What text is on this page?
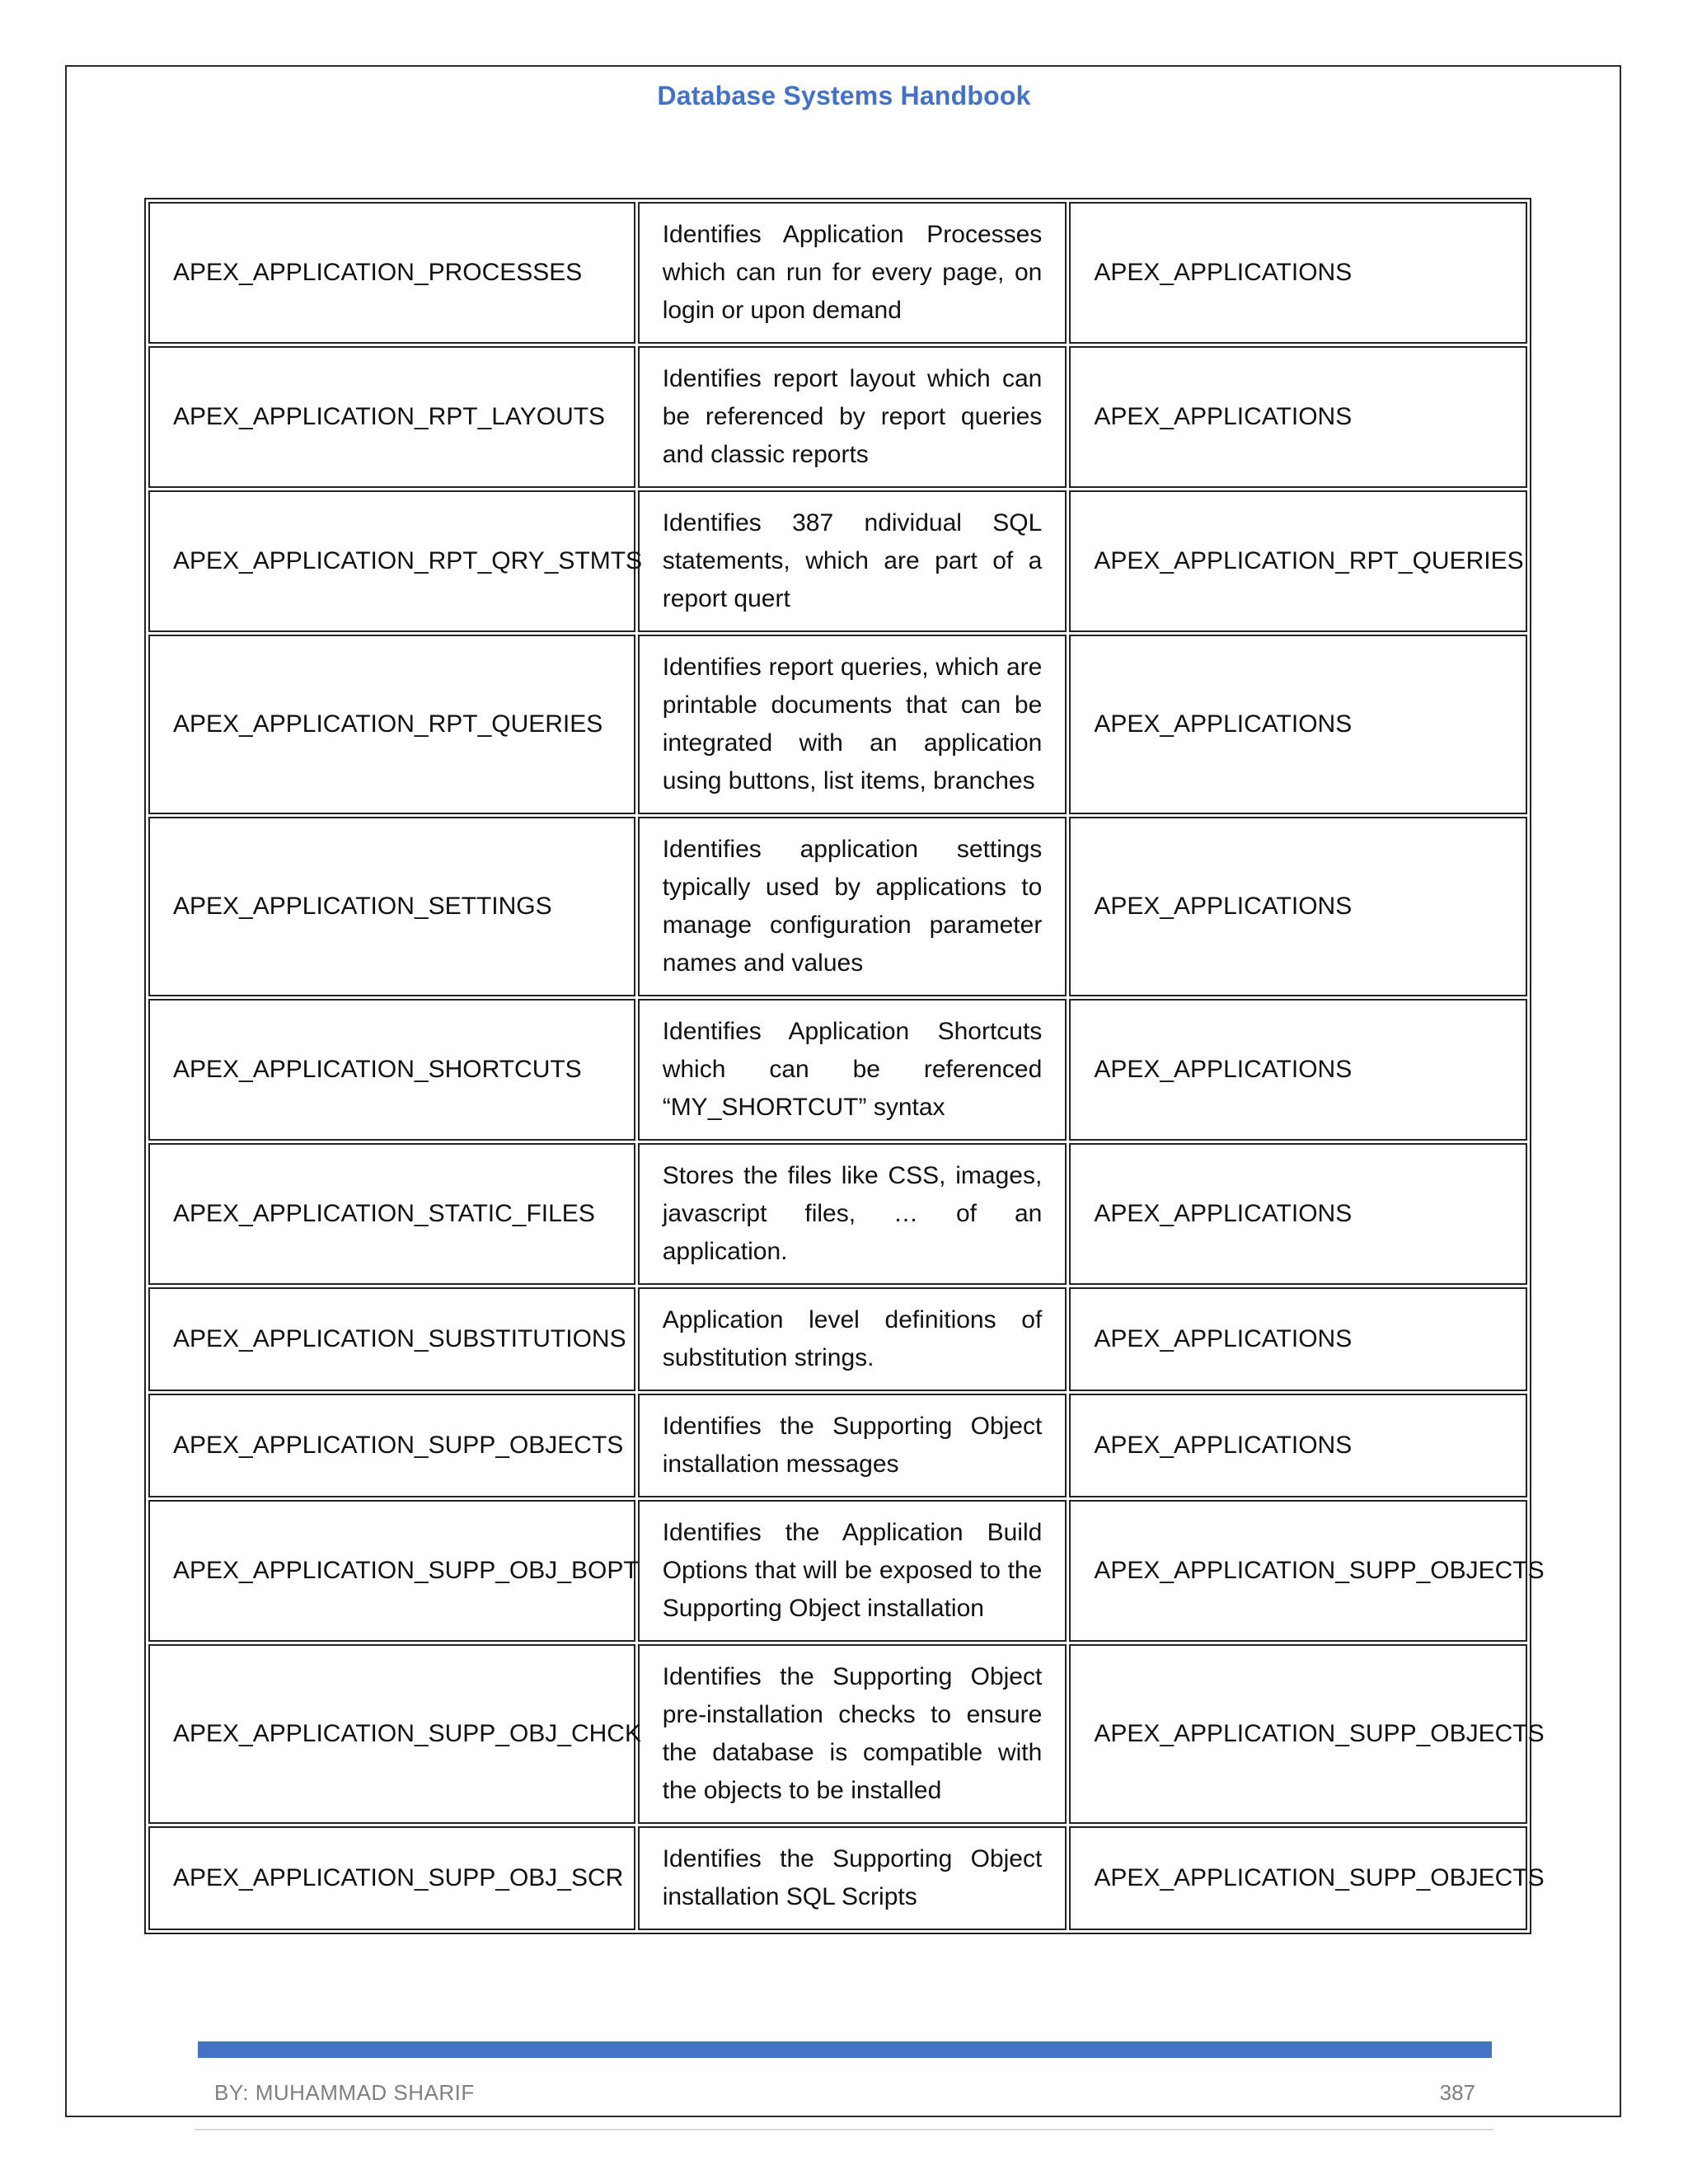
Database Systems Handbook
APEX_APPLICATION_PROCESSES	Identifies Application Processes which can run for every page, on login or upon demand	APEX_APPLICATIONS
APEX_APPLICATION_RPT_LAYOUTS	Identifies report layout which can be referenced by report queries and classic reports	APEX_APPLICATIONS
APEX_APPLICATION_RPT_QRY_STMTS	Identifies 387 ndividual SQL statements, which are part of a report quert	APEX_APPLICATION_RPT_QUERIES
APEX_APPLICATION_RPT_QUERIES	Identifies report queries, which are printable documents that can be integrated with an application using buttons, list items, branches	APEX_APPLICATIONS
APEX_APPLICATION_SETTINGS	Identifies application settings typically used by applications to manage configuration parameter names and values	APEX_APPLICATIONS
APEX_APPLICATION_SHORTCUTS	Identifies Application Shortcuts which can be referenced “MY_SHORTCUT” syntax	APEX_APPLICATIONS
APEX_APPLICATION_STATIC_FILES	Stores the files like CSS, images, javascript files, … of an application.	APEX_APPLICATIONS
APEX_APPLICATION_SUBSTITUTIONS	Application level definitions of substitution strings.	APEX_APPLICATIONS
APEX_APPLICATION_SUPP_OBJECTS	Identifies the Supporting Object installation messages	APEX_APPLICATIONS
APEX_APPLICATION_SUPP_OBJ_BOPT	Identifies the Application Build Options that will be exposed to the Supporting Object installation	APEX_APPLICATION_SUPP_OBJECTS
APEX_APPLICATION_SUPP_OBJ_CHCK	Identifies the Supporting Object pre-installation checks to ensure the database is compatible with the objects to be installed	APEX_APPLICATION_SUPP_OBJECTS
APEX_APPLICATION_SUPP_OBJ_SCR	Identifies the Supporting Object installation SQL Scripts	APEX_APPLICATION_SUPP_OBJECTS
BY: MUHAMMAD SHARIF	387
